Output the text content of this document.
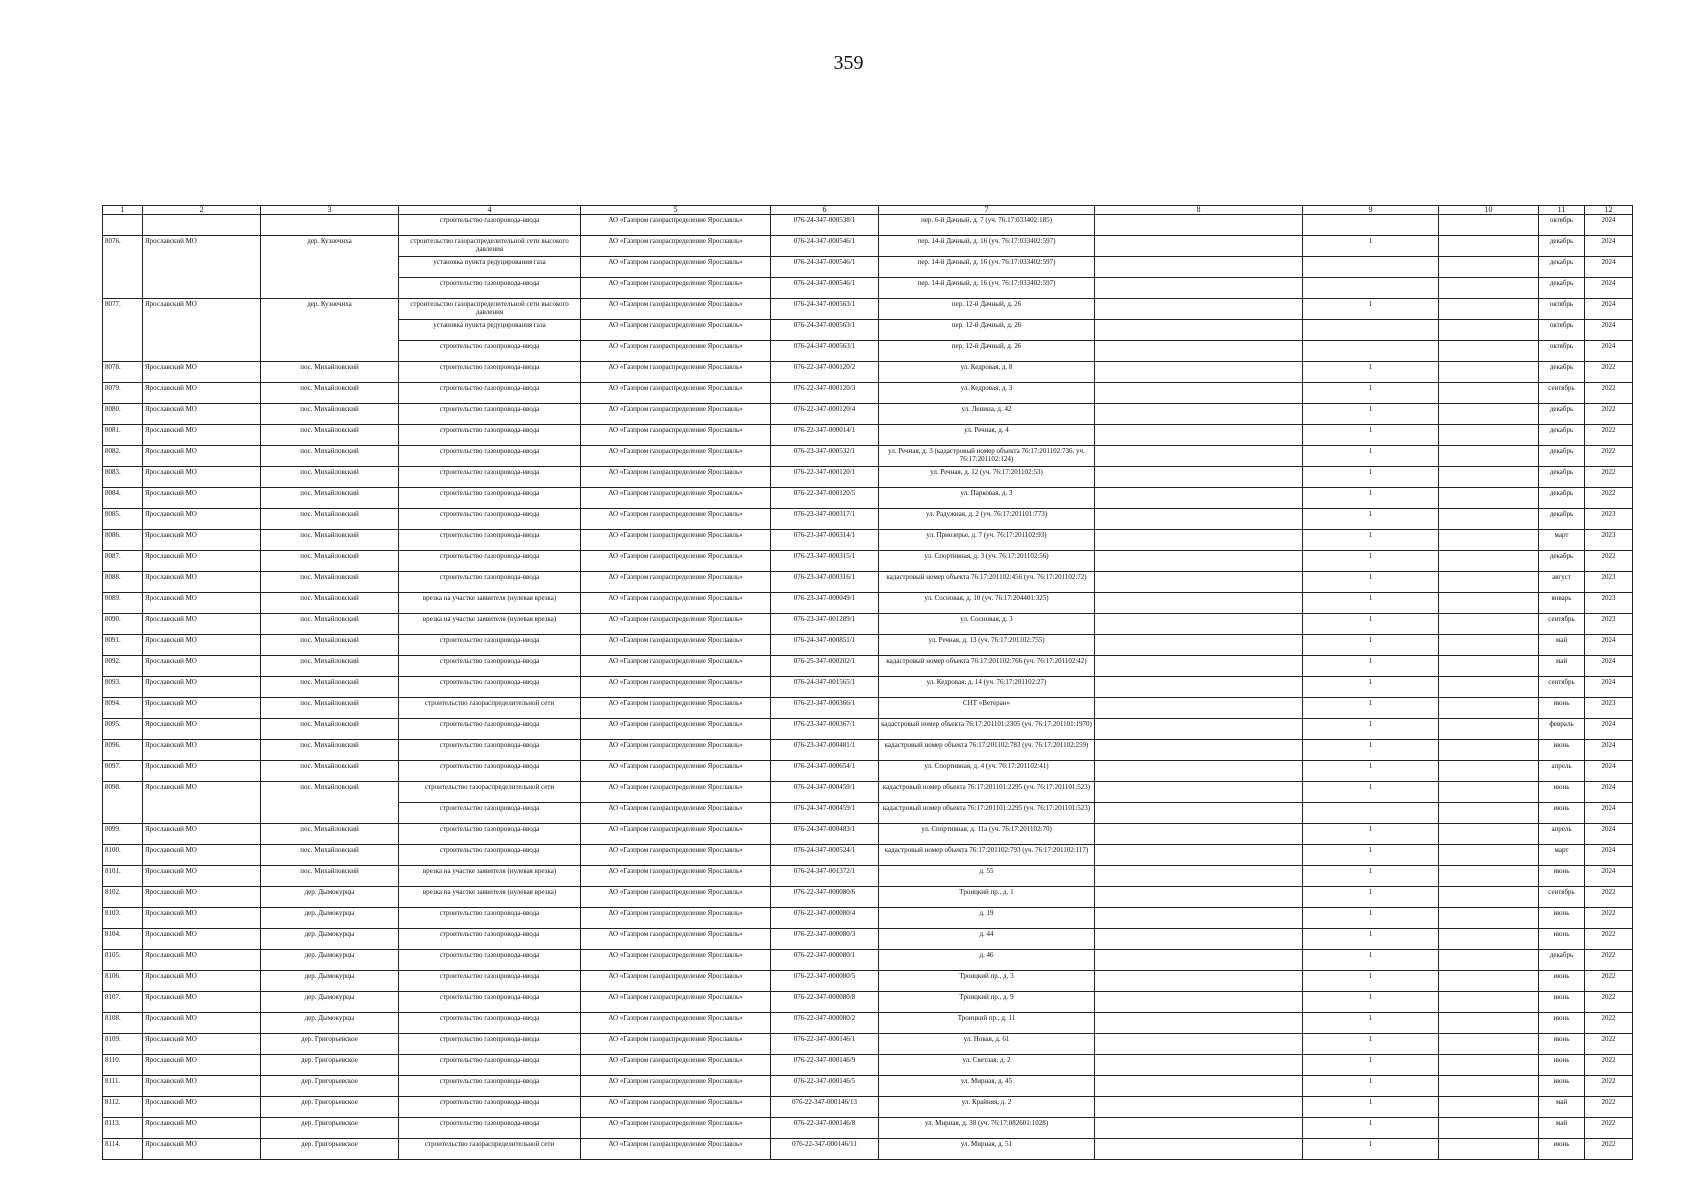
359
1	2	3	4	5	6	7	8	9	10	11	12
			строительство газопровода-ввода	АО «Газпром газораспределение Ярославль»	076-24-347-000538/1	пер. 6-й Дачный, д. 7 (уч. 76:17:033402:185)				октябрь	2024
8076.	Ярославский МО	дер. Кузнечиха	строительство газораспределительной сети высокого давления	АО «Газпром газораспределение Ярославль»	076-24-347-000546/1	пер. 14-й Дачный, д. 16 (уч. 76:17:033402:597)		1		декабрь	2024
			установка пункта редуцирования газа	АО «Газпром газораспределение Ярославль»	076-24-347-000546/1	пер. 14-й Дачный, д. 16 (уч. 76:17:033402:597)				декабрь	2024
			строительство газопровода-ввода	АО «Газпром газораспределение Ярославль»	076-24-347-000546/1	пер. 14-й Дачный, д. 16 (уч. 76:17:033402:597)				декабрь	2024
8077.	Ярославский МО	дер. Кузнечиха	строительство газораспределительной сети высокого давления	АО «Газпром газораспределение Ярославль»	076-24-347-000563/1	пер. 12-й Дачный, д. 26		1		октябрь	2024
			установка пункта редуцирования газа	АО «Газпром газораспределение Ярославль»	076-24-347-000563/1	пер. 12-й Дачный, д. 26				октябрь	2024
			строительство газопровода-ввода	АО «Газпром газораспределение Ярославль»	076-24-347-000563/1	пер. 12-й Дачный, д. 26				октябрь	2024
8078.	Ярославский МО	пос. Михайловский	строительство газопровода-ввода	АО «Газпром газораспределение Ярославль»	076-22-347-000120/2	ул. Кедровая, д. 8		1		декабрь	2022
8079.	Ярославский МО	пос. Михайловский	строительство газопровода-ввода	АО «Газпром газораспределение Ярославль»	076-22-347-000120/3	ул. Кедровая, д. 3		1		сентябрь	2022
8080.	Ярославский МО	пос. Михайловский	строительство газопровода-ввода	АО «Газпром газораспределение Ярославль»	076-22-347-000120/4	ул. Ленина, д. 42		1		декабрь	2022
8081.	Ярославский МО	пос. Михайловский	строительство газопровода-ввода	АО «Газпром газораспределение Ярославль»	076-22-347-000014/1	ул. Речная, д. 4		1		декабрь	2022
8082.	Ярославский МО	пос. Михайловский	строительство газопровода-ввода	АО «Газпром газораспределение Ярославль»	076-23-347-000532/1	ул. Речная, д. 3 (кадастровый номер объекта 76:17:201102:736, уч. 76:17:201102:124)		1		декабрь	2022
8083.	Ярославский МО	пос. Михайловский	строительство газопровода-ввода	АО «Газпром газораспределение Ярославль»	076-22-347-000120/1	ул. Речная, д. 12 (уч. 76:17:201102:53)		1		декабрь	2022
8084.	Ярославский МО	пос. Михайловский	строительство газопровода-ввода	АО «Газпром газораспределение Ярославль»	076-22-347-000120/5	ул. Парковая, д. 3		1		декабрь	2022
8085.	Ярославский МО	пос. Михайловский	строительство газопровода-ввода	АО «Газпром газораспределение Ярославль»	076-23-347-000317/1	ул. Радужная, д. 2 (уч. 76:17:201101:773)		1		декабрь	2023
8086.	Ярославский МО	пос. Михайловский	строительство газопровода-ввода	АО «Газпром газораспределение Ярославль»	076-23-347-000314/1	ул. Приозерье, д. 7 (уч. 76:17:201102:93)		1		март	2023
8087.	Ярославский МО	пос. Михайловский	строительство газопровода-ввода	АО «Газпром газораспределение Ярославль»	076-23-347-000315/1	ул. Спортивная, д. 3 (уч. 76:17:201102:56)		1		декабрь	2022
8088.	Ярославский МО	пос. Михайловский	строительство газопровода-ввода	АО «Газпром газораспределение Ярославль»	076-23-347-000316/1	кадастровый номер объекта 76:17:201102:456 (уч. 76:17:201102:72)		1		август	2023
8089.	Ярославский МО	пос. Михайловский	врезка на участке заявителя (нулевая врезка)	АО «Газпром газораспределение Ярославль»	076-23-347-000049/1	ул. Сосновая, д. 10 (уч. 76:17:204401:325)		1		январь	2023
8090.	Ярославский МО	пос. Михайловский	врезка на участке заявителя (нулевая врезка)	АО «Газпром газораспределение Ярославль»	076-23-347-001289/1	ул. Сосновая, д. 3		1		сентябрь	2023
8091.	Ярославский МО	пос. Михайловский	строительство газопровода-ввода	АО «Газпром газораспределение Ярославль»	076-24-347-000851/1	ул. Речная, д. 13 (уч. 76:17:201102:755)		1		май	2024
8092.	Ярославский МО	пос. Михайловский	строительство газопровода-ввода	АО «Газпром газораспределение Ярославль»	076-25-347-000202/1	кадастровый номер объекта 76:17:201102:766 (уч. 76:17:201102:42)		1		май	2024
8093.	Ярославский МО	пос. Михайловский	строительство газопровода-ввода	АО «Газпром газораспределение Ярославль»	076-24-347-001565/1	ул. Кедровая, д. 14 (уч. 76:17:201102:27)		1		сентябрь	2024
8094.	Ярославский МО	пос. Михайловский	строительство газораспределительной сети	АО «Газпром газораспределение Ярославль»	076-23-347-000366/1	СНТ «Ветеран»		1		июнь	2023
8095.	Ярославский МО	пос. Михайловский	строительство газопровода-ввода	АО «Газпром газораспределение Ярославль»	076-23-347-000367/1	кадастровый номер объекта 76:17:201101:2305 (уч. 76:17:201101:1970)		1		февраль	2024
8096.	Ярославский МО	пос. Михайловский	строительство газопровода-ввода	АО «Газпром газораспределение Ярославль»	076-23-347-000481/1	кадастровый номер объекта 76:17:201102:783 (уч. 76:17:201102:259)		1		июнь	2024
8097.	Ярославский МО	пос. Михайловский	строительство газопровода-ввода	АО «Газпром газораспределение Ярославль»	076-24-347-000654/1	ул. Спортивная, д. 4 (уч. 76:17:201102:41)		1		апрель	2024
8098.	Ярославский МО	пос. Михайловский	строительство газораспределительной сети	АО «Газпром газораспределение Ярославль»	076-24-347-000459/1	кадастровый номер объекта 76:17:201101:2295 (уч. 76:17:201101:523)		1		июнь	2024
			строительство газопровода-ввода	АО «Газпром газораспределение Ярославль»	076-24-347-000459/1	кадастровый номер объекта 76:17:201101:2295 (уч. 76:17:201101:523)				июнь	2024
8099.	Ярославский МО	пос. Михайловский	строительство газопровода-ввода	АО «Газпром газораспределение Ярославль»	076-24-347-000483/1	ул. Спортивная, д. 11а (уч. 76:17:201102:70)		1		апрель	2024
8100.	Ярославский МО	пос. Михайловский	строительство газопровода-ввода	АО «Газпром газораспределение Ярославль»	076-24-347-000524/1	кадастровый номер объекта 76:17:201102:793 (уч. 76:17:201102:117)		1		март	2024
8101.	Ярославский МО	пос. Михайловский	врезка на участке заявителя (нулевая врезка)	АО «Газпром газораспределение Ярославль»	076-24-347-001372/1	д. 55		1		июнь	2024
8102.	Ярославский МО	дер. Дымокурцы	врезка на участке заявителя (нулевая врезка)	АО «Газпром газораспределение Ярославль»	076-22-347-000080/6	Троицкий пр., д. 1		1		сентябрь	2022
8103.	Ярославский МО	дер. Дымокурцы	строительство газопровода-ввода	АО «Газпром газораспределение Ярославль»	076-22-347-000080/4	д. 19		1		июнь	2022
8104.	Ярославский МО	дер. Дымокурцы	строительство газопровода-ввода	АО «Газпром газораспределение Ярославль»	076-22-347-000080/3	д. 44		1		июнь	2022
8105.	Ярославский МО	дер. Дымокурцы	строительство газопровода-ввода	АО «Газпром газораспределение Ярославль»	076-22-347-000080/1	д. 46		1		декабрь	2022
8106.	Ярославский МО	дер. Дымокурцы	строительство газопровода-ввода	АО «Газпром газораспределение Ярославль»	076-22-347-000080/5	Троицкий пр., д. 3		1		июнь	2022
8107.	Ярославский МО	дер. Дымокурцы	строительство газопровода-ввода	АО «Газпром газораспределение Ярославль»	076-22-347-000080/8	Троицкий пр., д. 9		1		июнь	2022
8108.	Ярославский МО	дер. Дымокурцы	строительство газопровода-ввода	АО «Газпром газораспределение Ярославль»	076-22-347-000080/2	Троицкий пр., д. 11		1		июнь	2022
8109.	Ярославский МО	дер. Григорьевское	строительство газопровода-ввода	АО «Газпром газораспределение Ярославль»	076-22-347-000146/1	ул. Новая, д. 61		1		июнь	2022
8110.	Ярославский МО	дер. Григорьевское	строительство газопровода-ввода	АО «Газпром газораспределение Ярославль»	076-22-347-000146/9	ул. Светлая, д. 2		1		июнь	2022
8111.	Ярославский МО	дер. Григорьевское	строительство газопровода-ввода	АО «Газпром газораспределение Ярославль»	076-22-347-000146/5	ул. Мирная, д. 45		1		июнь	2022
8112.	Ярославский МО	дер. Григорьевское	строительство газопровода-ввода	АО «Газпром газораспределение Ярославль»	076-22-347-000146/13	ул. Крайняя, д. 2		1		май	2022
8113.	Ярославский МО	дер. Григорьевское	строительство газопровода-ввода	АО «Газпром газораспределение Ярославль»	076-22-347-000146/8	ул. Мирная, д. 38 (уч. 76:17:082601:1028)		1		май	2022
8114.	Ярославский МО	дер. Григорьевское	строительство газораспределительной сети	АО «Газпром газораспределение Ярославль»	076-22-347-000146/11	ул. Мирная, д. 51		1		июнь	2022
